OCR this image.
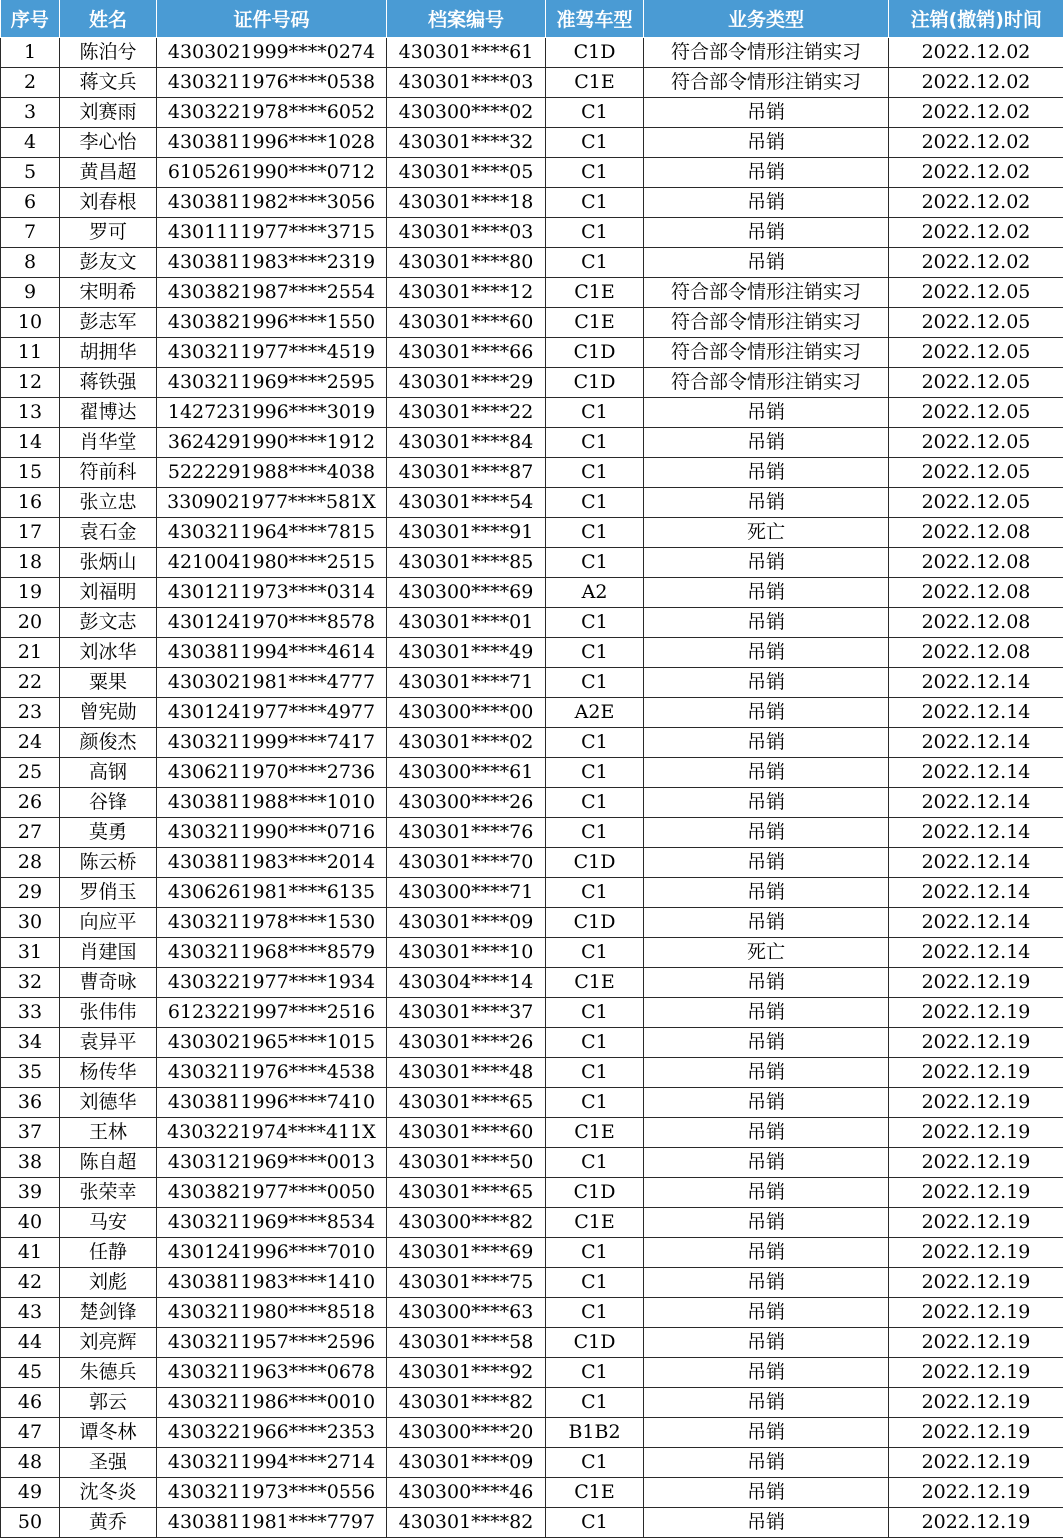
序号	姓名	证件号码	档案编号	准驾车型	业务类型	注销(撤销)时间
1	陈泊兮	4303021999****0274	430301****61	C1D	符合部令情形注销实习	2022.12.02
2	蒋文兵	4303211976****0538	430301****03	C1E	符合部令情形注销实习	2022.12.02
3	刘赛雨	4303221978****6052	430300****02	C1	吊销	2022.12.02
4	李心怡	4303811996****1028	430301****32	C1	吊销	2022.12.02
5	黄昌超	6105261990****0712	430301****05	C1	吊销	2022.12.02
6	刘春根	4303811982****3056	430301****18	C1	吊销	2022.12.02
7	罗可	4301111977****3715	430301****03	C1	吊销	2022.12.02
8	彭友文	4303811983****2319	430301****80	C1	吊销	2022.12.02
9	宋明希	4303821987****2554	430301****12	C1E	符合部令情形注销实习	2022.12.05
10	彭志军	4303821996****1550	430301****60	C1E	符合部令情形注销实习	2022.12.05
11	胡拥华	4303211977****4519	430301****66	C1D	符合部令情形注销实习	2022.12.05
12	蒋铁强	4303211969****2595	430301****29	C1D	符合部令情形注销实习	2022.12.05
13	翟博达	1427231996****3019	430301****22	C1	吊销	2022.12.05
14	肖华堂	3624291990****1912	430301****84	C1	吊销	2022.12.05
15	符前科	5222291988****4038	430301****87	C1	吊销	2022.12.05
16	张立忠	3309021977****581X	430301****54	C1	吊销	2022.12.05
17	袁石金	4303211964****7815	430301****91	C1	死亡	2022.12.08
18	张炳山	4210041980****2515	430301****85	C1	吊销	2022.12.08
19	刘福明	4301211973****0314	430300****69	A2	吊销	2022.12.08
20	彭文志	4301241970****8578	430301****01	C1	吊销	2022.12.08
21	刘冰华	4303811994****4614	430301****49	C1	吊销	2022.12.08
22	粟果	4303021981****4777	430301****71	C1	吊销	2022.12.14
23	曾宪勋	4301241977****4977	430300****00	A2E	吊销	2022.12.14
24	颜俊杰	4303211999****7417	430301****02	C1	吊销	2022.12.14
25	高钢	4306211970****2736	430300****61	C1	吊销	2022.12.14
26	谷锋	4303811988****1010	430300****26	C1	吊销	2022.12.14
27	莫勇	4303211990****0716	430301****76	C1	吊销	2022.12.14
28	陈云桥	4303811983****2014	430301****70	C1D	吊销	2022.12.14
29	罗俏玉	4306261981****6135	430300****71	C1	吊销	2022.12.14
30	向应平	4303211978****1530	430301****09	C1D	吊销	2022.12.14
31	肖建国	4303211968****8579	430301****10	C1	死亡	2022.12.14
32	曹奇咏	4303221977****1934	430304****14	C1E	吊销	2022.12.19
33	张伟伟	6123221997****2516	430301****37	C1	吊销	2022.12.19
34	袁异平	4303021965****1015	430301****26	C1	吊销	2022.12.19
35	杨传华	4303211976****4538	430301****48	C1	吊销	2022.12.19
36	刘德华	4303811996****7410	430301****65	C1	吊销	2022.12.19
37	王林	4303221974****411X	430301****60	C1E	吊销	2022.12.19
38	陈自超	4303121969****0013	430301****50	C1	吊销	2022.12.19
39	张荣幸	4303821977****0050	430301****65	C1D	吊销	2022.12.19
40	马安	4303211969****8534	430300****82	C1E	吊销	2022.12.19
41	任静	4301241996****7010	430301****69	C1	吊销	2022.12.19
42	刘彪	4303811983****1410	430301****75	C1	吊销	2022.12.19
43	楚剑锋	4303211980****8518	430300****63	C1	吊销	2022.12.19
44	刘亮辉	4303211957****2596	430301****58	C1D	吊销	2022.12.19
45	朱德兵	4303211963****0678	430301****92	C1	吊销	2022.12.19
46	郭云	4303211986****0010	430301****82	C1	吊销	2022.12.19
47	谭冬林	4303221966****2353	430300****20	B1B2	吊销	2022.12.19
48	圣强	4303211994****2714	430301****09	C1	吊销	2022.12.19
49	沈冬炎	4303211973****0556	430300****46	C1E	吊销	2022.12.19
50	黄乔	4303811981****7797	430301****82	C1	吊销	2022.12.19
